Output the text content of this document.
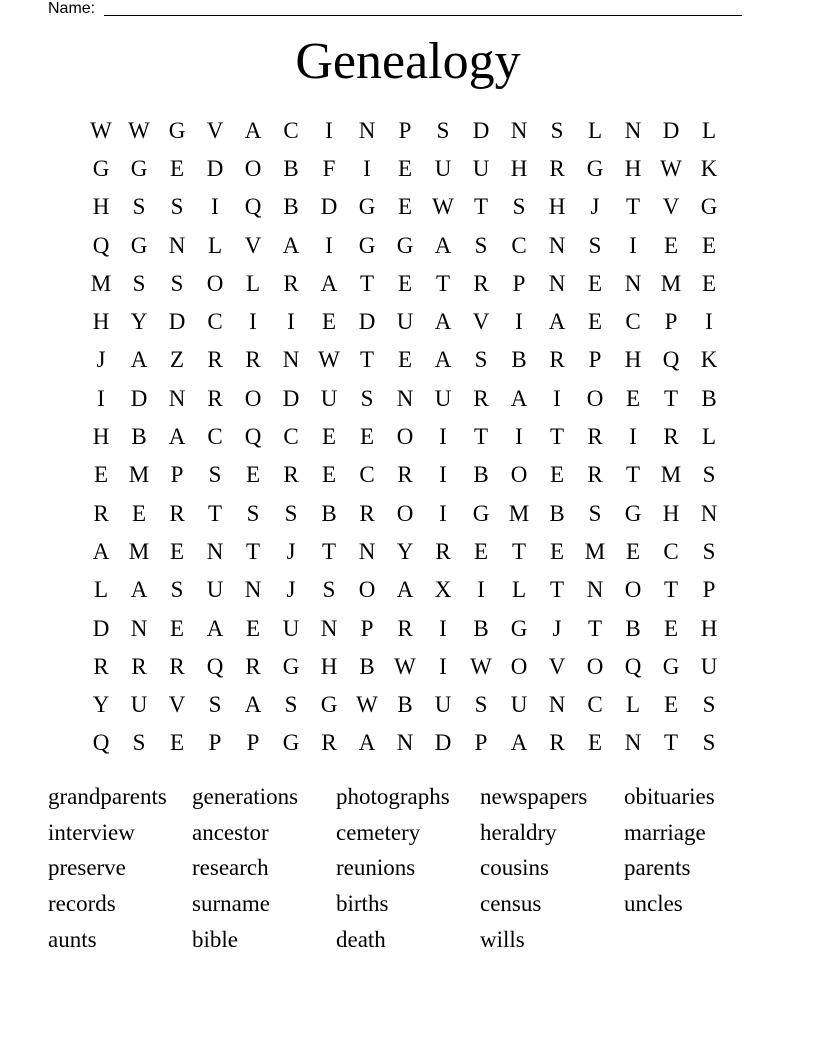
Name:
Genealogy
W W G V A C	I	N	P	S	D N	S	L N D L
G G E D O B	F	I	E U U H R G H W K
H	S	S	I	Q B D G E W T	S	H	J	T V G
Q G N L V A	I	G G A	S	C N	S	I	E	E
M S	S	O L	R A T	E	T	R	P	N E N M E
H Y D C	I	I	E D U A V	I	A E	C	P	I
J	A Z	R R N W T	E A	S	B R	P	H Q K
I	D N R O D U	S	N U R A	I	O E	T	B
H B A C Q C	E	E O	I	T	I	T	R	I	R	L
E M P	S	E	R	E	C R	I	B O E	R	T M S
R	E	R	T	S	S	B R O	I	G M B	S	G H N
A M E N T	J	T N Y R	E	T	E M E	C	S
L A	S	U N	J	S	O A X	I	L	T N O T	P
D N E A E U N	P	R	I	B G	J	T	B	E H
R R R Q R G H B W	I	W O V O Q G U
Y U V	S	A	S	G W B U	S	U N C	L	E	S
Q	S	E	P	P	G R A N D	P	A R	E N T	S
grandparents	generations	photographs	newspapers	obituaries
interview	ancestor	cemetery	heraldry	marriage
preserve	research	reunions	cousins	parents
records	surname	births	census	uncles
aunts	bible	death	wills
